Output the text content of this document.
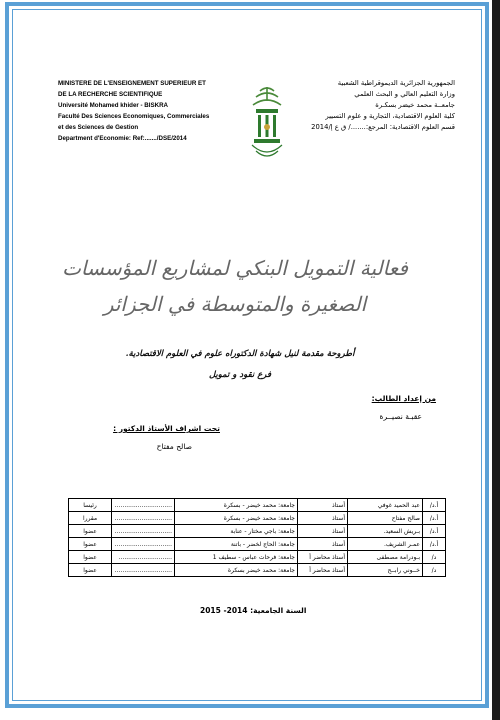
MINISTERE DE L'ENSEIGNEMENT SUPERIEUR ET
DE LA RECHERCHE SCIENTIFIQUE
Université Mohamed khider - BISKRA
Faculté Des Sciences Economiques, Commerciales
et des Sciences de Gestion
Department d'Economie: Ref:......./DSE/2014
الجمهورية الجزائرية الديموقراطية الشعبية
وزارة التعليم العالي و البحث العلمي
جامعــة محمد خيضر بسكـرة
كلية العلوم الاقتصادية، التجارية و علوم التسيير
قسم العلوم الاقتصادية: المرجع:......./ ق ع إ/2014
فعالية التمويل البنكي لمشاريع المؤسسات
الصغيرة والمتوسطة في الجزائر
أطروحة مقدمة لنيل شهادة الدكتوراه علوم في العلوم الاقتصادية.
فرع نقود و تمويل
من إعداد الطالب:
عقبـة نصيــرة
تحت اشراف الأستاذ الدكتور :
صالح مفتاح
أ.د/	عبد الحميد غوفي	أستاذ	جامعة: محمد خيضر - بسكرة	..............................	رئيسا
أ.د/	صالح مفتاح	أستاذ	جامعة: محمد خيضر - بسكرة	..............................	مقررا
أ.د/	بـريش السعيد.	أستاذ	جامعة: باجي مختار - عنابة	..............................	عضوا
أ.د/	عمـر الشريف.	أستاذ	جامعة: الحاج لخضر - باتنة	..............................	عضوا
د/	بـودرامة مصطفى	أستاذ محاضر أ	جامعة: فرحات عباس - سطيف 1	............................	عضوا
د/	خــوني رابــح	أستاذ محاضر أ	جامعة: محمد خيضر بسكرة	..............................	عضوا
السنة الجامعية: 2014- 2015
